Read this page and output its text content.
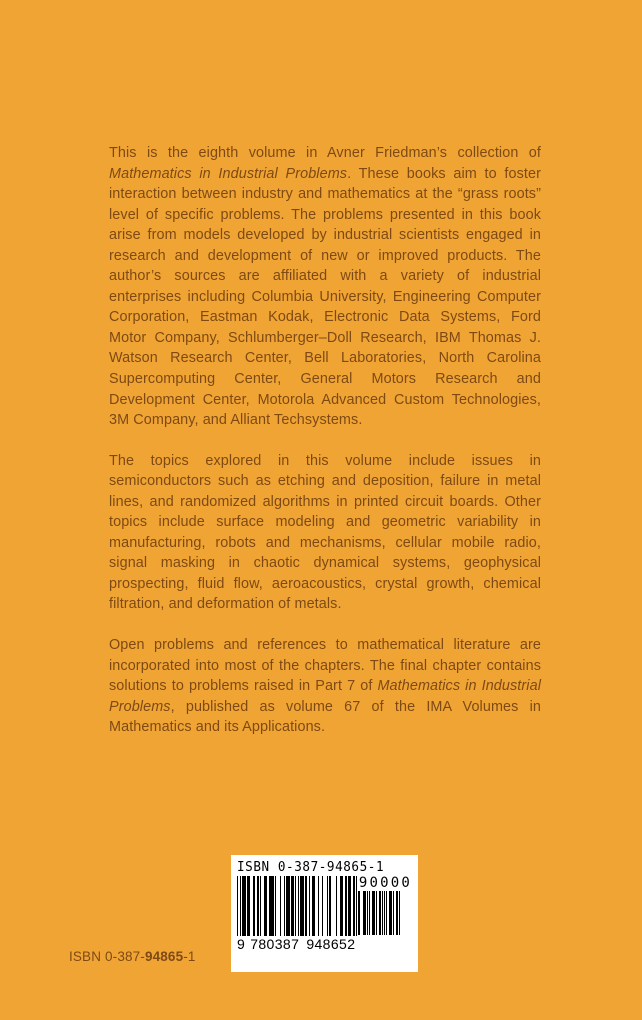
This is the eighth volume in Avner Friedman’s collection of Mathematics in Industrial Problems. These books aim to foster interaction between industry and mathematics at the “grass roots” level of specific problems. The problems presented in this book arise from models developed by industrial scientists engaged in research and development of new or improved products. The author’s sources are affiliated with a variety of industrial enterprises including Columbia University, Engineering Computer Corporation, Eastman Kodak, Electronic Data Systems, Ford Motor Company, Schlumberger–Doll Research, IBM Thomas J. Watson Research Center, Bell Laboratories, North Carolina Supercomputing Center, General Motors Research and Development Center, Motorola Advanced Custom Technologies, 3M Company, and Alliant Techsystems.

The topics explored in this volume include issues in semiconductors such as etching and deposition, failure in metal lines, and randomized algorithms in printed circuit boards. Other topics include surface modeling and geometric variability in manufacturing, robots and mechanisms, cellular mobile radio, signal masking in chaotic dynamical systems, geophysical prospecting, fluid flow, aeroacoustics, crystal growth, chemical filtration, and deformation of metals.

Open problems and references to mathematical literature are incorporated into most of the chapters. The final chapter contains solutions to problems raised in Part 7 of Mathematics in Industrial Problems, published as volume 67 of the IMA Volumes in Mathematics and its Applications.

ISBN 0-387-94865-1
90000
9 780387 948652
ISBN 0-387-94865-1
